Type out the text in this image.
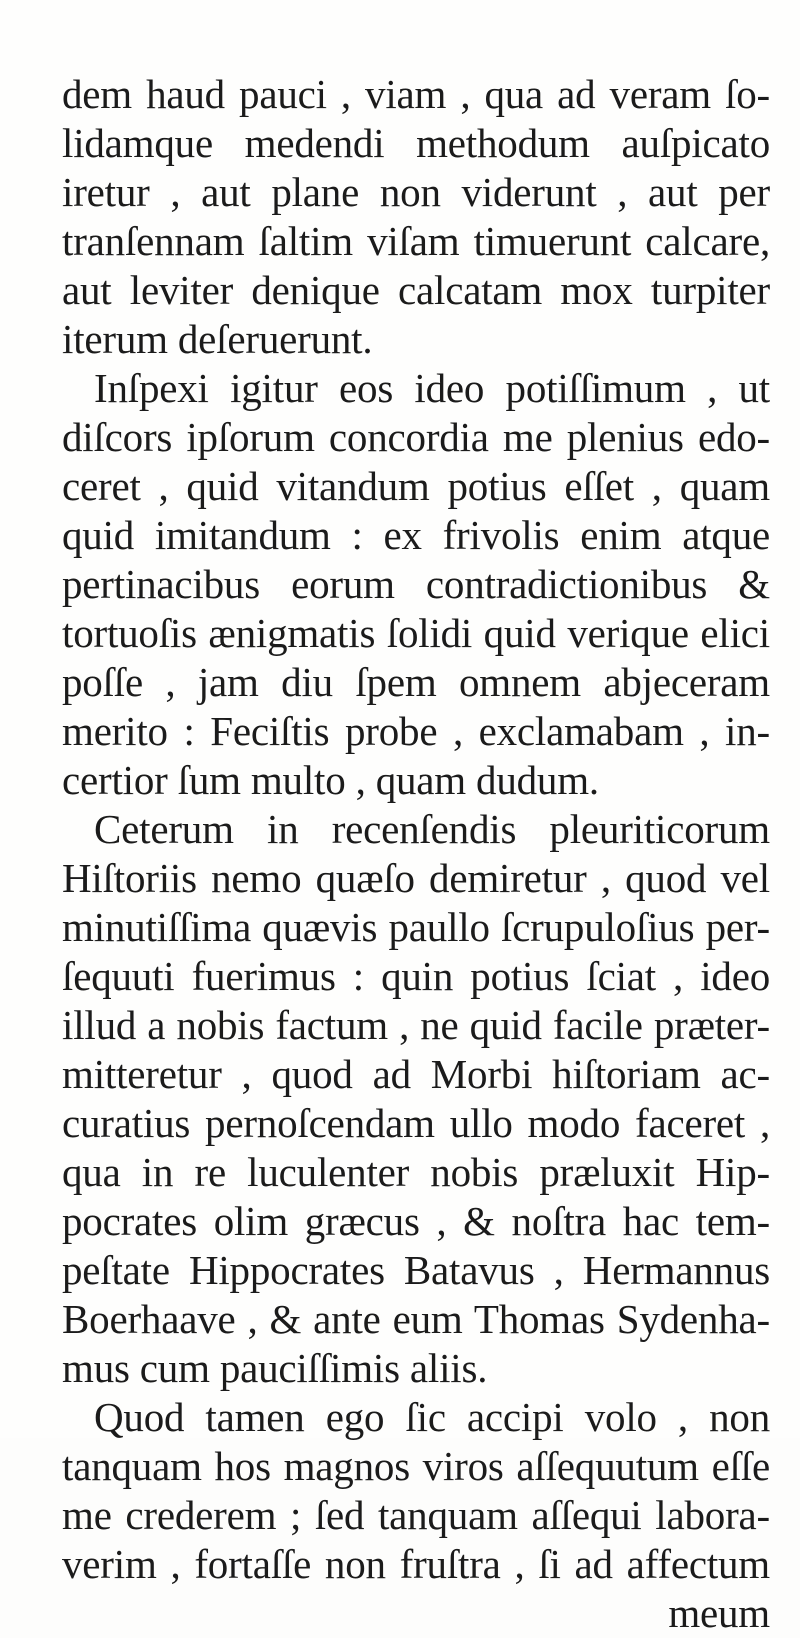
dem haud pauci , viam , qua ad veram ſo-
lidamque medendi methodum auſpicato
iretur , aut plane non viderunt , aut per
tranſennam ſaltim viſam timuerunt calcare,
aut leviter denique calcatam mox turpiter
iterum deſeruerunt.
Inſpexi igitur eos ideo potiſſimum , ut
diſcors ipſorum concordia me plenius edo-
ceret , quid vitandum potius eſſet , quam
quid imitandum : ex frivolis enim atque
pertinacibus eorum contradictionibus &
tortuoſis ænigmatis ſolidi quid verique elici
poſſe , jam diu ſpem omnem abjeceram
merito : Feciſtis probe , exclamabam , in-
certior ſum multo , quam dudum.
Ceterum in recenſendis pleuriticorum
Hiſtoriis nemo quæſo demiretur , quod vel
minutiſſima quævis paullo ſcrupuloſius per-
ſequuti fuerimus : quin potius ſciat , ideo
illud a nobis factum , ne quid facile præter-
mitteretur , quod ad Morbi hiſtoriam ac-
curatius pernoſcendam ullo modo faceret ,
qua in re luculenter nobis præluxit Hip-
pocrates olim græcus , & noſtra hac tem-
peſtate Hippocrates Batavus , Hermannus
Boerhaave , & ante eum Thomas Sydenha-
mus cum pauciſſimis aliis.
Quod tamen ego ſic accipi volo , non
tanquam hos magnos viros aſſequutum eſſe
me crederem ; ſed tanquam aſſequi labora-
verim , fortaſſe non fruſtra , ſi ad affectum
meum
